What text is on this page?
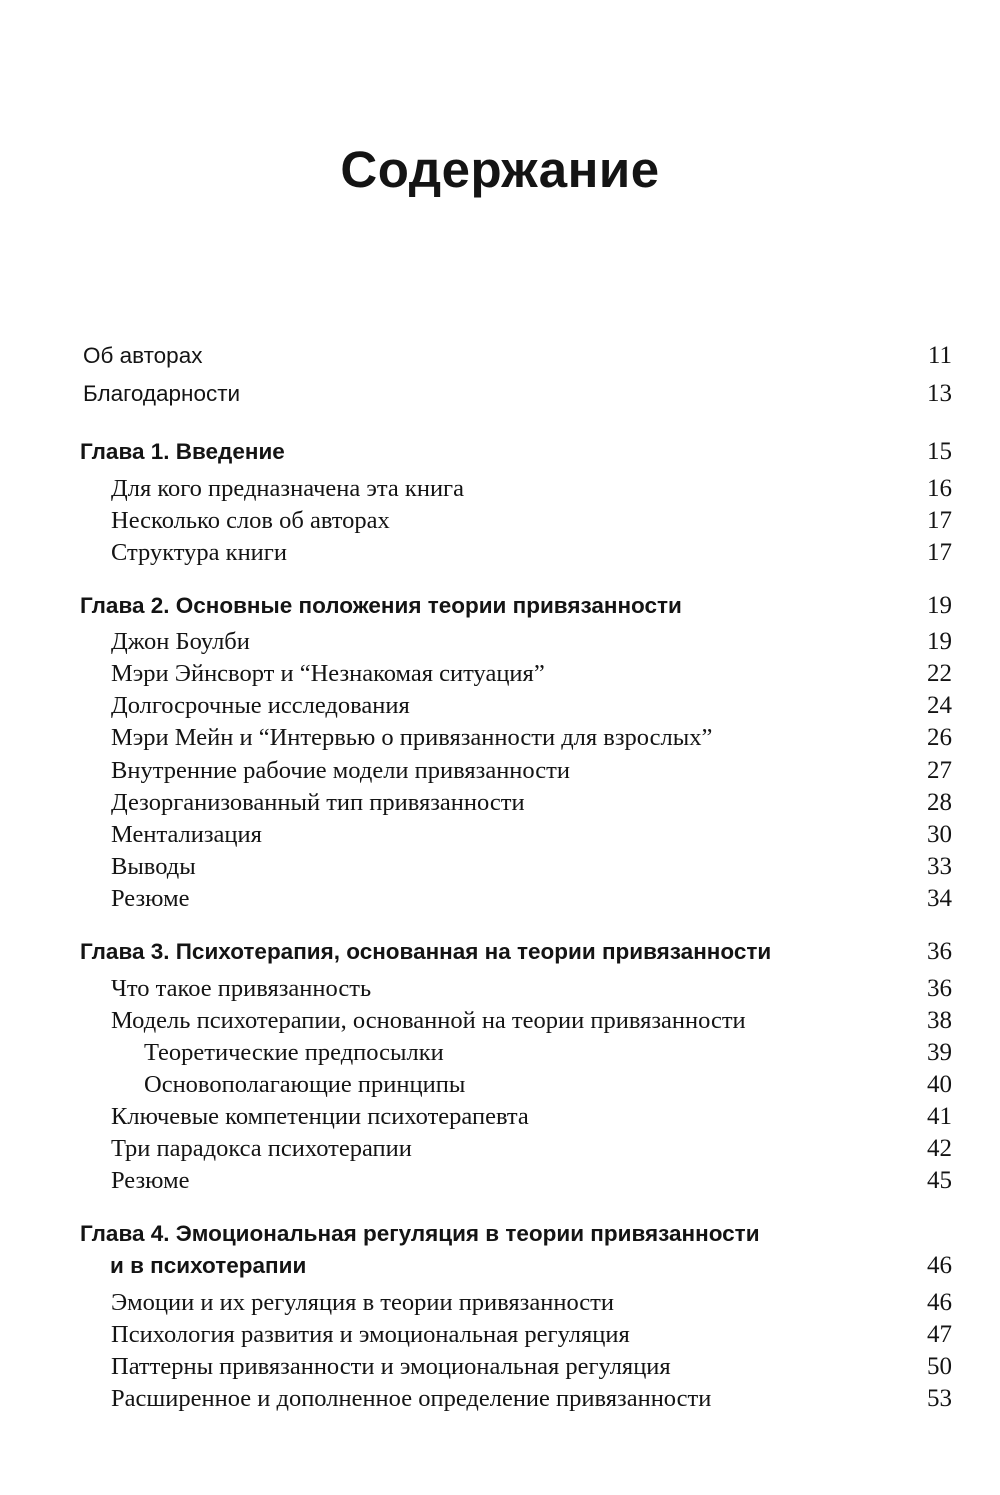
Содержание
Об авторах	11
Благодарности	13
Глава 1. Введение	15
Для кого предназначена эта книга	16
Несколько слов об авторах	17
Структура книги	17
Глава 2. Основные положения теории привязанности	19
Джон Боулби	19
Мэри Эйнсворт и “Незнакомая ситуация”	22
Долгосрочные исследования	24
Мэри Мейн и “Интервью о привязанности для взрослых”	26
Внутренние рабочие модели привязанности	27
Дезорганизованный тип привязанности	28
Ментализация	30
Выводы	33
Резюме	34
Глава 3. Психотерапия, основанная на теории привязанности	36
Что такое привязанность	36
Модель психотерапии, основанной на теории привязанности	38
Теоретические предпосылки	39
Основополагающие принципы	40
Ключевые компетенции психотерапевта	41
Три парадокса психотерапии	42
Резюме	45
Глава 4. Эмоциональная регуляция в теории привязанности
и в психотерапии	46
Эмоции и их регуляция в теории привязанности	46
Психология развития и эмоциональная регуляция	47
Паттерны привязанности и эмоциональная регуляция	50
Расширенное и дополненное определение привязанности	53
